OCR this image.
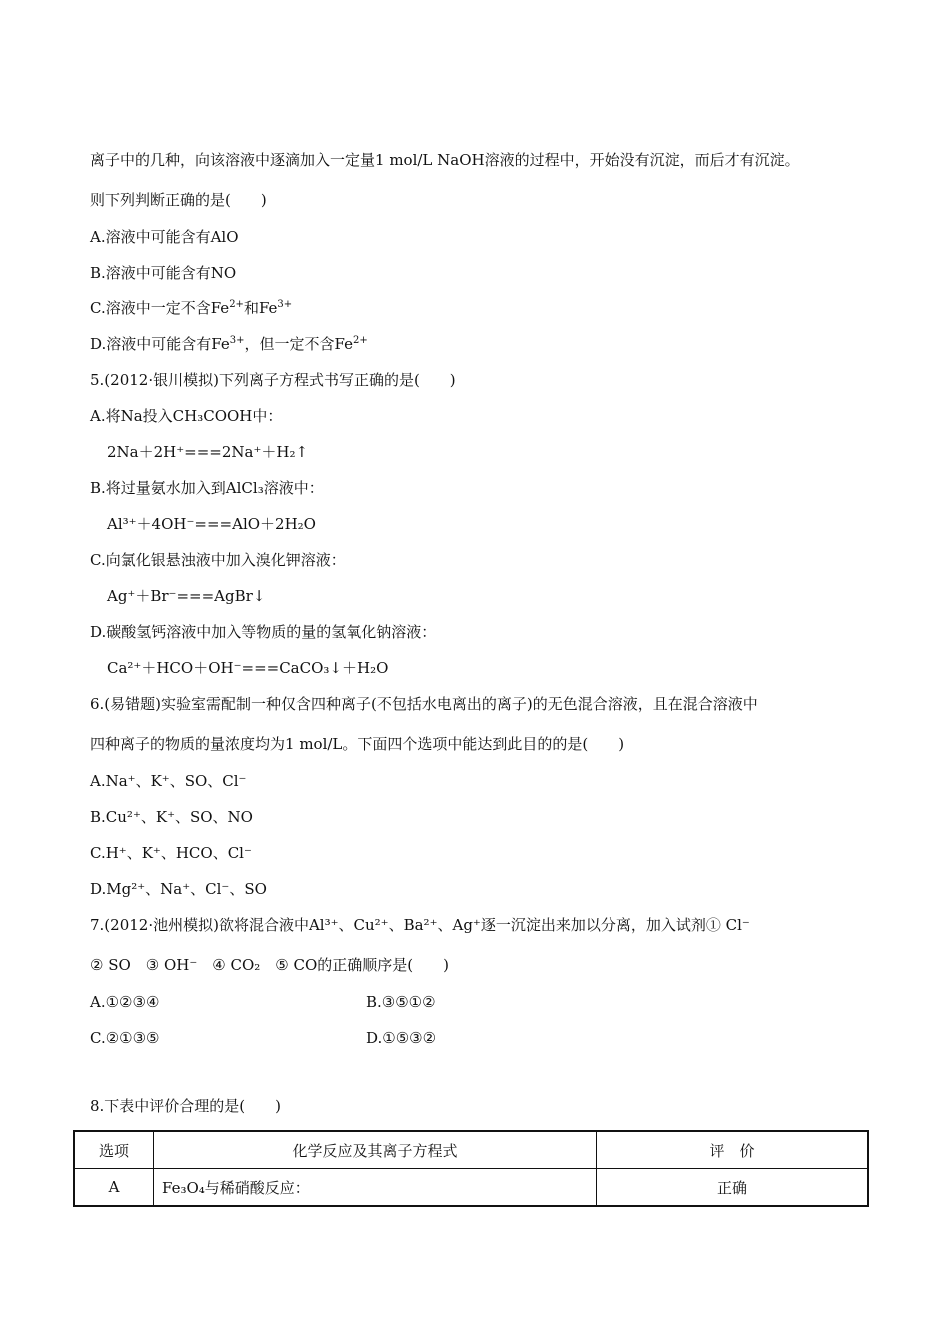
离子中的几种，向该溶液中逐滴加入一定量1 mol/L NaOH溶液的过程中，开始没有沉淀，而后才有沉淀。
则下列判断正确的是(　　)
A.溶液中可能含有AlO
B.溶液中可能含有NO
C.溶液中一定不含$Fe^{2+}$和$Fe^{3+}$
D.溶液中可能含有$Fe^{3+}$，但一定不含$Fe^{2+}$
5.(2012·银川模拟)下列离子方程式书写正确的是(　　)
A.将Na投入CH₃COOH中：
2Na＋2H⁺===2Na⁺＋H₂↑
B.将过量氨水加入到AlCl₃溶液中：
Al³⁺＋4OH⁻===AlO＋2H₂O
C.向氯化银悬浊液中加入溴化钾溶液：
Ag⁺＋Br⁻===AgBr↓
D.碳酸氢钙溶液中加入等物质的量的氢氧化钠溶液：
Ca²⁺＋HCO＋OH⁻===CaCO₃↓＋H₂O
6.(易错题)实验室需配制一种仅含四种离子(不包括水电离出的离子)的无色混合溶液，且在混合溶液中
四种离子的物质的量浓度均为1 mol/L。下面四个选项中能达到此目的的是(　　)
A.Na⁺、K⁺、SO、Cl⁻
B.Cu²⁺、K⁺、SO、NO
C.H⁺、K⁺、HCO、Cl⁻
D.Mg²⁺、Na⁺、Cl⁻、SO
7.(2012·池州模拟)欲将混合液中Al³⁺、Cu²⁺、Ba²⁺、Ag⁺逐一沉淀出来加以分离，加入试剂① Cl⁻
② SO　③ OH⁻　④ CO₂　⑤ CO的正确顺序是(　　)
A.①②③④	B.③⑤①②
C.②①③⑤	D.①⑤③②
8.下表中评价合理的是(　　)
选项	化学反应及其离子方程式	评　价
A	Fe₃O₄与稀硝酸反应：	正确
